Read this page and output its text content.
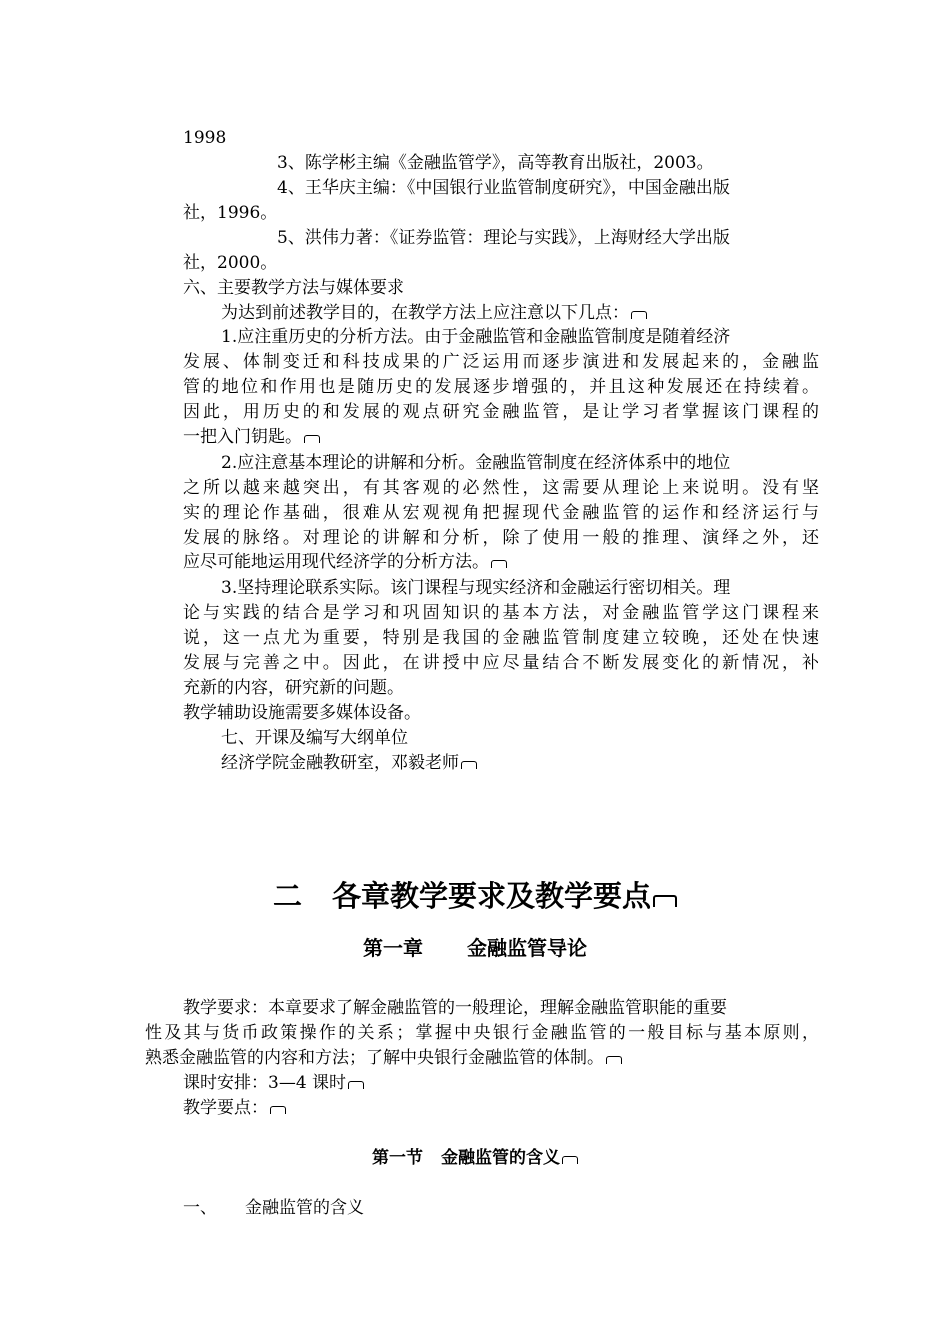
1998

3、陈学彬主编《金融监管学》，高等教育出版社，2003。

4、王华庆主编：《中国银行业监管制度研究》，中国金融出版

社，1996。

5、洪伟力著：《证券监管：理论与实践》，上海财经大学出版

社，2000。

六、主要教学方法与媒体要求

为达到前述教学目的，在教学方法上应注意以下几点：

1.应注重历史的分析方法。由于金融监管和金融监管制度是随着经济

发展、体制变迁和科技成果的广泛运用而逐步演进和发展起来的，金融监

管的地位和作用也是随历史的发展逐步增强的，并且这种发展还在持续着。

因此，用历史的和发展的观点研究金融监管，是让学习者掌握该门课程的

一把入门钥匙。

2.应注意基本理论的讲解和分析。金融监管制度在经济体系中的地位

之所以越来越突出，有其客观的必然性，这需要从理论上来说明。没有坚

实的理论作基础，很难从宏观视角把握现代金融监管的运作和经济运行与

发展的脉络。对理论的讲解和分析，除了使用一般的推理、演绎之外，还

应尽可能地运用现代经济学的分析方法。

3.坚持理论联系实际。该门课程与现实经济和金融运行密切相关。理

论与实践的结合是学习和巩固知识的基本方法，对金融监管学这门课程来

说，这一点尤为重要，特别是我国的金融监管制度建立较晚，还处在快速

发展与完善之中。因此，在讲授中应尽量结合不断发展变化的新情况，补

充新的内容，研究新的问题。

教学辅助设施需要多媒体设备。

七、开课及编写大纲单位

经济学院金融教研室，邓毅老师

二 各章教学要求及教学要点
第一章 金融监管导论

教学要求：本章要求了解金融监管的一般理论，理解金融监管职能的重要

性及其与货币政策操作的关系；掌握中央银行金融监管的一般目标与基本原则，

熟悉金融监管的内容和方法；了解中央银行金融监管的体制。

课时安排：3—4 课时

教学要点：

第一节 金融监管的含义

一、 金融监管的含义
